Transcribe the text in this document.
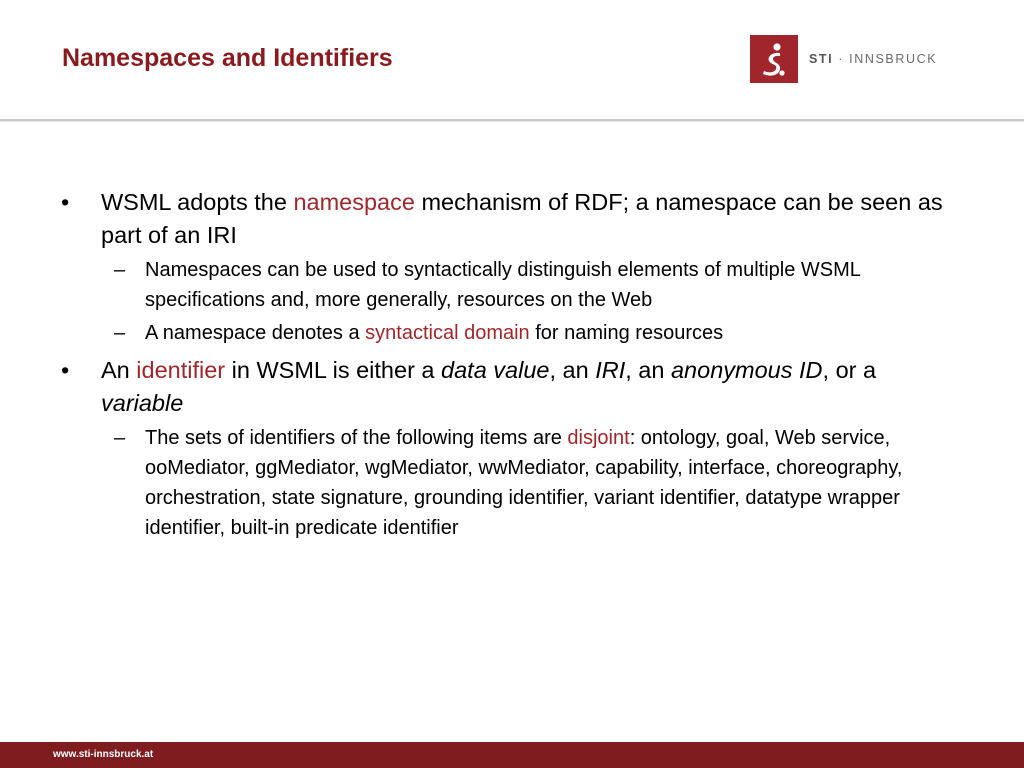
Namespaces and Identifiers	STI · INNSBRUCK
• WSML adopts the namespace mechanism of RDF; a namespace can be seen as part of an IRI
– Namespaces can be used to syntactically distinguish elements of multiple WSML specifications and, more generally, resources on the Web
– A namespace denotes a syntactical domain for naming resources
• An identifier in WSML is either a data value, an IRI, an anonymous ID, or a variable
– The sets of identifiers of the following items are disjoint: ontology, goal, Web service, ooMediator, ggMediator, wgMediator, wwMediator, capability, interface, choreography, orchestration, state signature, grounding identifier, variant identifier, datatype wrapper identifier, built-in predicate identifier
www.sti-innsbruck.at
